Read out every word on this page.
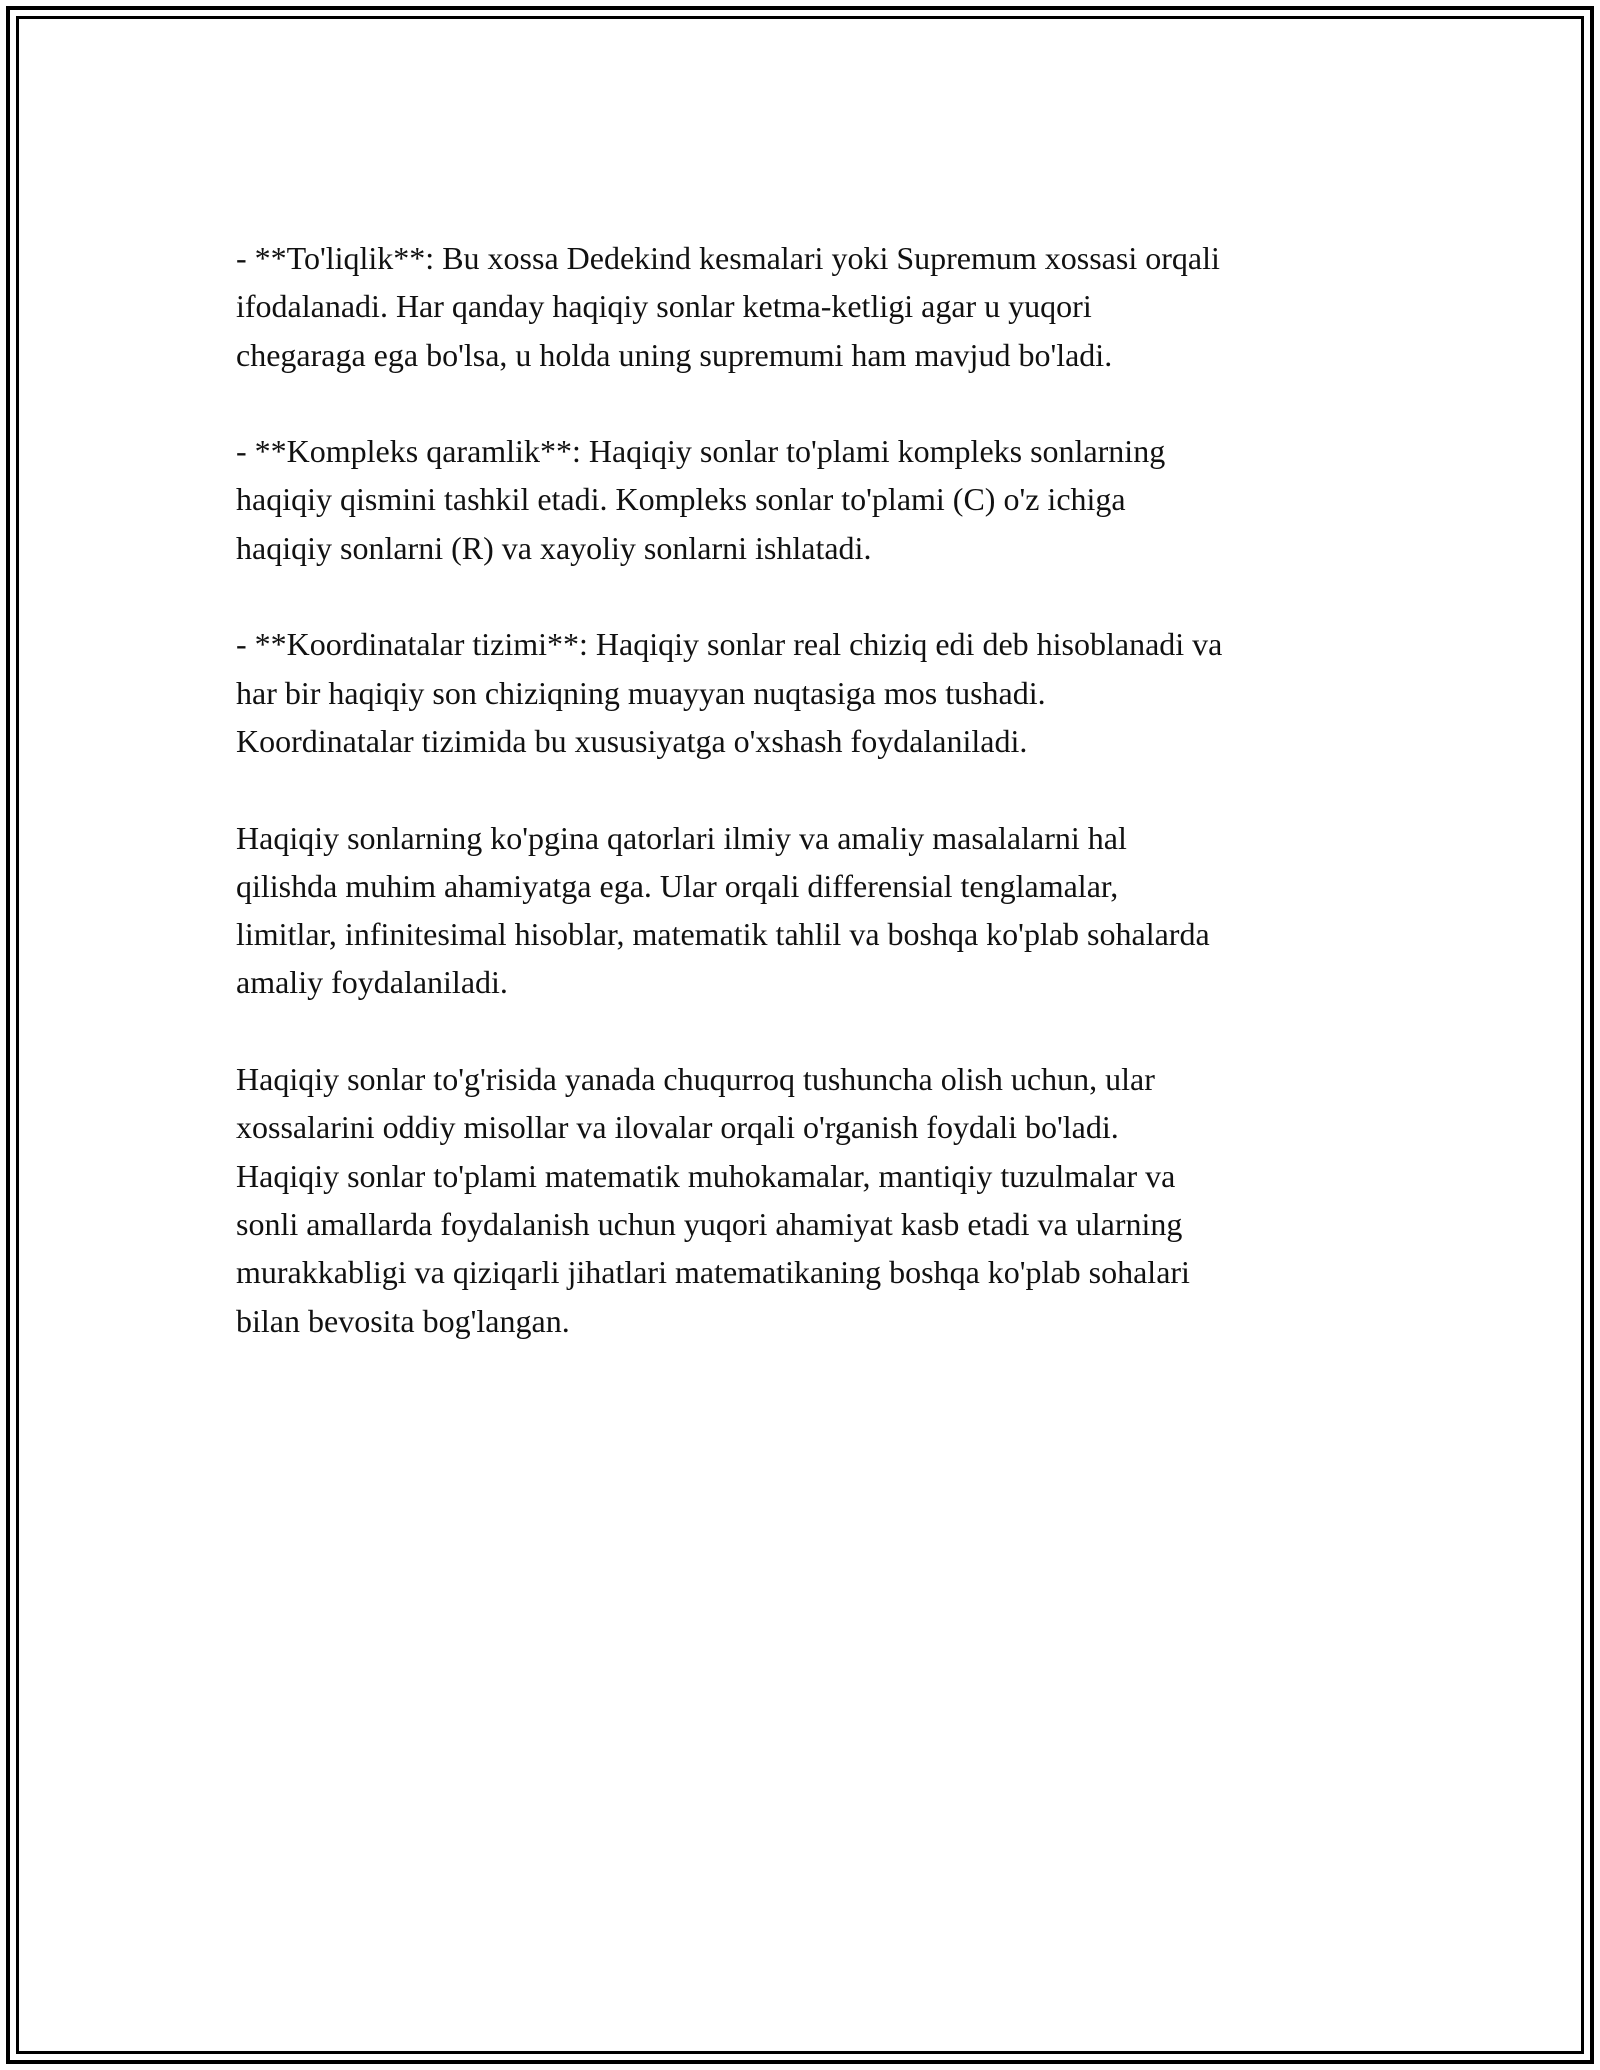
- **To'liqlik**: Bu xossa Dedekind kesmalari yoki Supremum xossasi orqali
ifodalanadi. Har qanday haqiqiy sonlar ketma-ketligi agar u yuqori
chegaraga ega bo'lsa, u holda uning supremumi ham mavjud bo'ladi.

- **Kompleks qaramlik**: Haqiqiy sonlar to'plami kompleks sonlarning
haqiqiy qismini tashkil etadi. Kompleks sonlar to'plami (C) o'z ichiga
haqiqiy sonlarni (R) va xayoliy sonlarni ishlatadi.

- **Koordinatalar tizimi**: Haqiqiy sonlar real chiziq edi deb hisoblanadi va
har bir haqiqiy son chiziqning muayyan nuqtasiga mos tushadi.
Koordinatalar tizimida bu xususiyatga o'xshash foydalaniladi.

Haqiqiy sonlarning ko'pgina qatorlari ilmiy va amaliy masalalarni hal
qilishda muhim ahamiyatga ega. Ular orqali differensial tenglamalar,
limitlar, infinitesimal hisoblar, matematik tahlil va boshqa ko'plab sohalarda
amaliy foydalaniladi.

Haqiqiy sonlar to'g'risida yanada chuqurroq tushuncha olish uchun, ular
xossalarini oddiy misollar va ilovalar orqali o'rganish foydali bo'ladi.
Haqiqiy sonlar to'plami matematik muhokamalar, mantiqiy tuzulmalar va
sonli amallarda foydalanish uchun yuqori ahamiyat kasb etadi va ularning
murakkabligi va qiziqarli jihatlari matematikaning boshqa ko'plab sohalari
bilan bevosita bog'langan.
